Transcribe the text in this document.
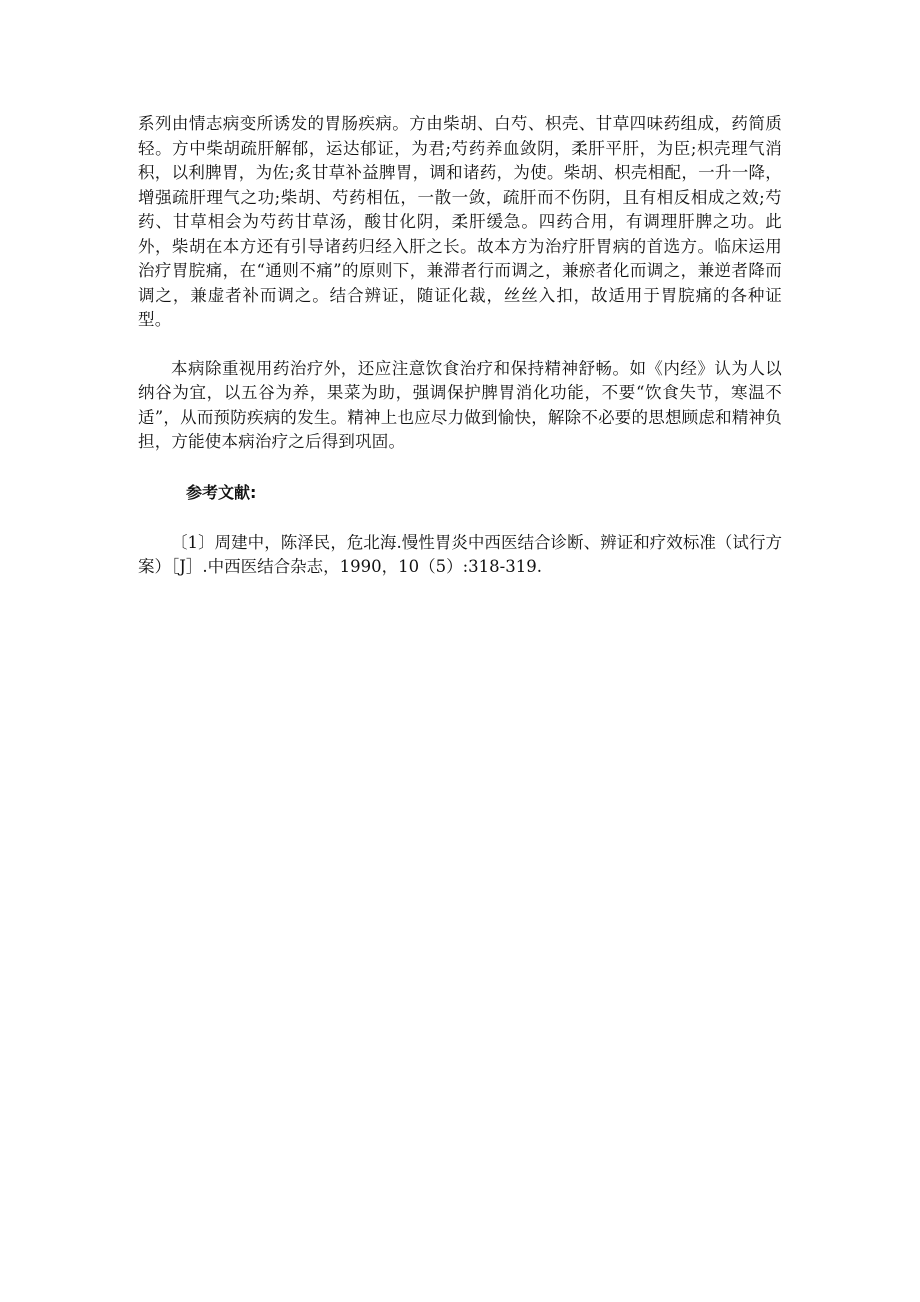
系列由情志病变所诱发的胃肠疾病。方由柴胡、白芍、枳壳、甘草四味药组成，药简质轻。方中柴胡疏肝解郁，运达郁证，为君;芍药养血敛阴，柔肝平肝，为臣;枳壳理气消积，以利脾胃，为佐;炙甘草补益脾胃，调和诸药，为使。柴胡、枳壳相配，一升一降，增强疏肝理气之功;柴胡、芍药相伍，一散一敛，疏肝而不伤阴，且有相反相成之效;芍药、甘草相会为芍药甘草汤，酸甘化阴，柔肝缓急。四药合用，有调理肝脾之功。此外，柴胡在本方还有引导诸药归经入肝之长。故本方为治疗肝胃病的首选方。临床运用治疗胃脘痛，在“通则不痛”的原则下，兼滞者行而调之，兼瘀者化而调之，兼逆者降而调之，兼虚者补而调之。结合辨证，随证化裁，丝丝入扣，故适用于胃脘痛的各种证型。

本病除重视用药治疗外，还应注意饮食治疗和保持精神舒畅。如《内经》认为人以纳谷为宜，以五谷为养，果菜为助，强调保护脾胃消化功能，不要“饮食失节，寒温不适”，从而预防疾病的发生。精神上也应尽力做到愉快，解除不必要的思想顾虑和精神负担，方能使本病治疗之后得到巩固。

参考文献:

〔1〕周建中，陈泽民，危北海.慢性胃炎中西医结合诊断、辨证和疗效标准（试行方案）［J］.中西医结合杂志，1990，10（5）:318-319.
